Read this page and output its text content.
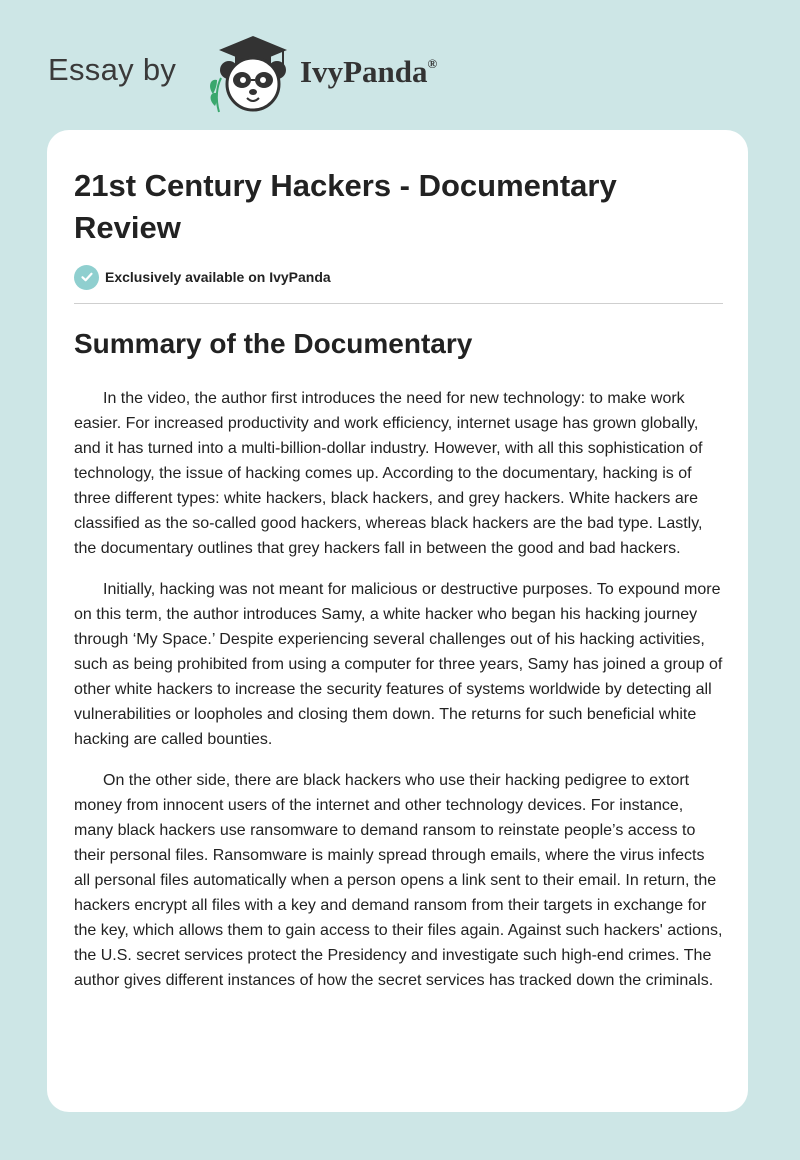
Essay by	IvyPanda®
21st Century Hackers - Documentary Review
Exclusively available on IvyPanda
Summary of the Documentary

In the video, the author first introduces the need for new technology: to make work easier. For increased productivity and work efficiency, internet usage has grown globally, and it has turned into a multi-billion-dollar industry. However, with all this sophistication of technology, the issue of hacking comes up. According to the documentary, hacking is of three different types: white hackers, black hackers, and grey hackers. White hackers are classified as the so-called good hackers, whereas black hackers are the bad type. Lastly, the documentary outlines that grey hackers fall in between the good and bad hackers.

Initially, hacking was not meant for malicious or destructive purposes. To expound more on this term, the author introduces Samy, a white hacker who began his hacking journey through ‘My Space.’ Despite experiencing several challenges out of his hacking activities, such as being prohibited from using a computer for three years, Samy has joined a group of other white hackers to increase the security features of systems worldwide by detecting all vulnerabilities or loopholes and closing them down. The returns for such beneficial white hacking are called bounties.

On the other side, there are black hackers who use their hacking pedigree to extort money from innocent users of the internet and other technology devices. For instance, many black hackers use ransomware to demand ransom to reinstate people’s access to their personal files. Ransomware is mainly spread through emails, where the virus infects all personal files automatically when a person opens a link sent to their email. In return, the hackers encrypt all files with a key and demand ransom from their targets in exchange for the key, which allows them to gain access to their files again. Against such hackers' actions, the U.S. secret services protect the Presidency and investigate such high-end crimes. The author gives different instances of how the secret services has tracked down the criminals.
